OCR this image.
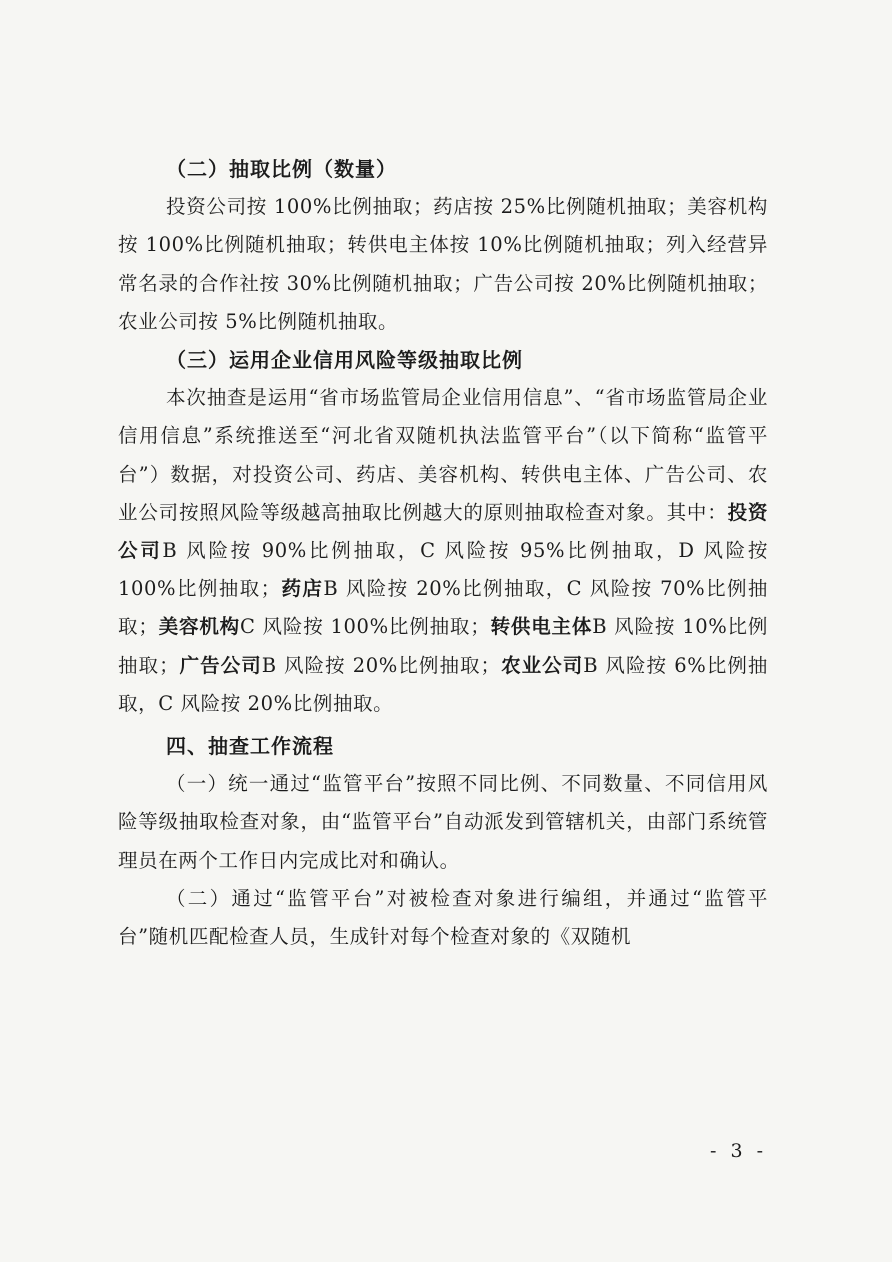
（二）抽取比例（数量）

投资公司按 100%比例抽取；药店按 25%比例随机抽取；美容机构按 100%比例随机抽取；转供电主体按 10%比例随机抽取；列入经营异常名录的合作社按 30%比例随机抽取；广告公司按 20%比例随机抽取；农业公司按 5%比例随机抽取。

（三）运用企业信用风险等级抽取比例

本次抽查是运用“省市场监管局企业信用信息”、“省市场监管局企业信用信息”系统推送至“河北省双随机执法监管平台”（以下简称“监管平台”）数据，对投资公司、药店、美容机构、转供电主体、广告公司、农业公司按照风险等级越高抽取比例越大的原则抽取检查对象。其中：投资公司B 风险按 90%比例抽取，C 风险按 95%比例抽取，D 风险按 100%比例抽取；药店B 风险按 20%比例抽取，C 风险按 70%比例抽取；美容机构C 风险按 100%比例抽取；转供电主体B 风险按 10%比例抽取；广告公司B 风险按 20%比例抽取；农业公司B 风险按 6%比例抽取，C 风险按 20%比例抽取。

四、抽查工作流程

（一）统一通过“监管平台”按照不同比例、不同数量、不同信用风险等级抽取检查对象，由“监管平台”自动派发到管辖机关，由部门系统管理员在两个工作日内完成比对和确认。

（二）通过“监管平台”对被检查对象进行编组，并通过“监管平台”随机匹配检查人员，生成针对每个检查对象的《双随机

- 3 -
